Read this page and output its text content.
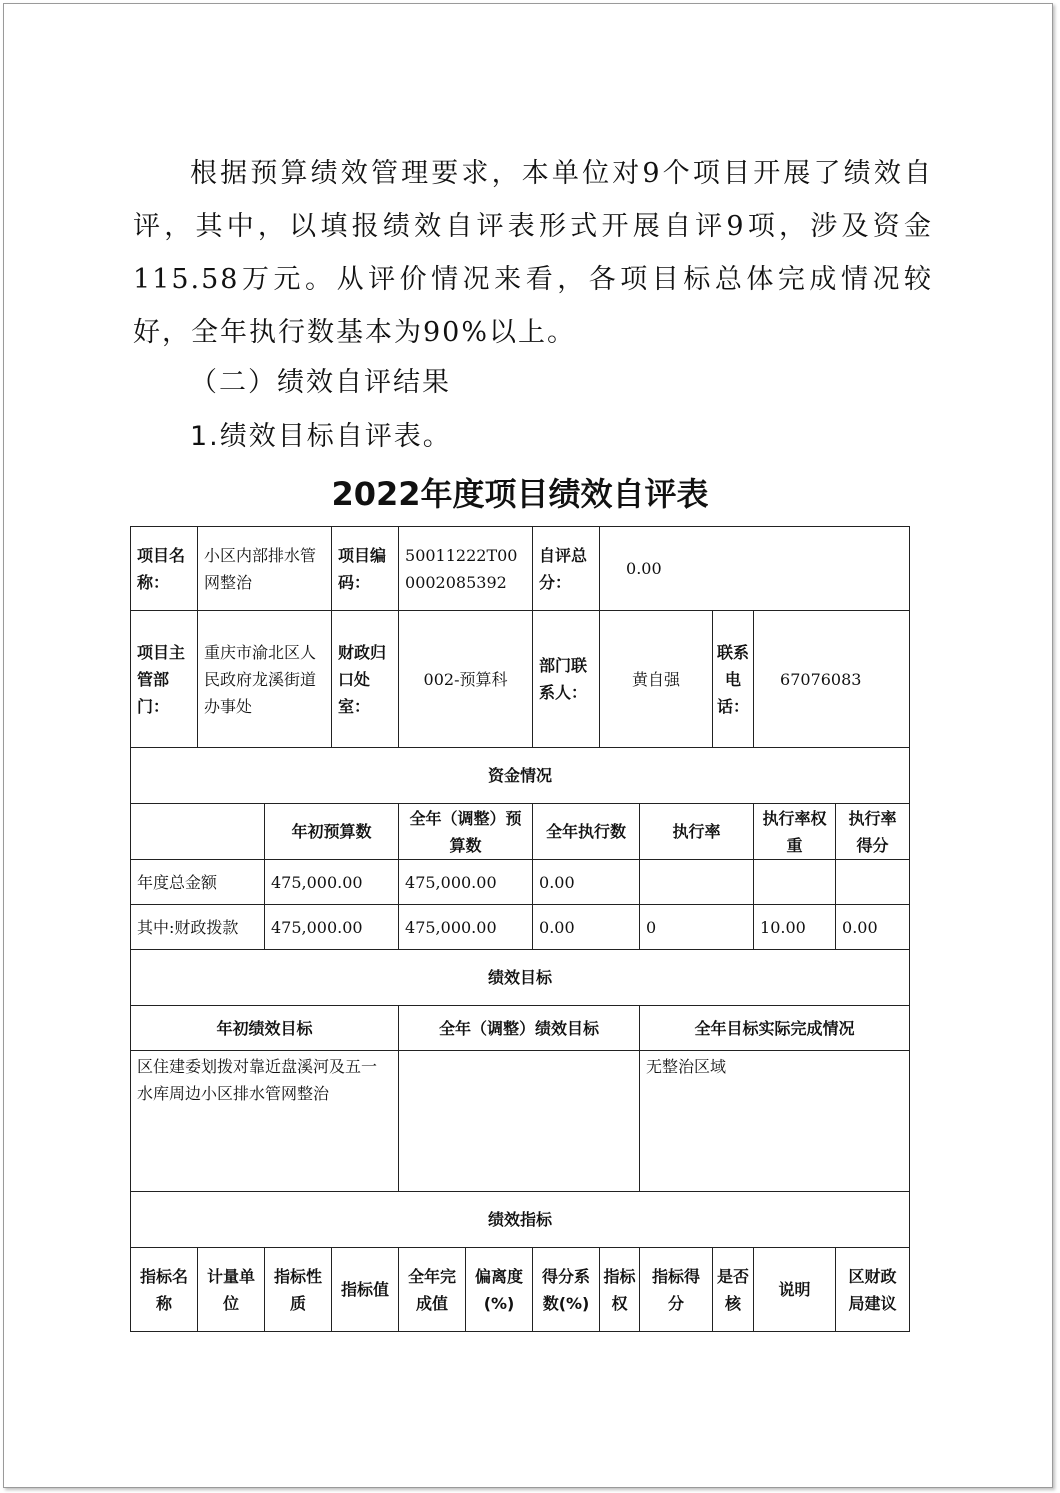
根据预算绩效管理要求，本单位对9个项目开展了绩效自评，其中，以填报绩效自评表形式开展自评9项，涉及资金115.58万元。从评价情况来看，各项目标总体完成情况较好，全年执行数基本为90%以上。
（二）绩效自评结果
1.绩效目标自评表。
2022年度项目绩效自评表
项目名称：	小区内部排水管网整治		项目编码：	50011222T000002085392		自评总分：	0.00				
项目主管部门：	重庆市渝北区人民政府龙溪街道办事处		财政归口处室：	002-预算科		部门联系人：	黄自强		联系电话：	67076083	
资金情况											
		年初预算数		全年（调整）预算数		全年执行数		执行率		执行率权重	执行率得分
年度总金额		475,000.00		475,000.00		0.00					
其中:财政拨款		475,000.00		475,000.00		0.00		0		10.00	0.00
绩效目标											
年初绩效目标				全年（调整）绩效目标				全年目标实际完成情况			
区住建委划拨对靠近盘溪河及五一水库周边小区排水管网整治								无整治区域			
绩效指标											
指标名称	计量单位	指标性质	指标值	全年完成值	偏离度(%)	得分系数(%)	指标权	指标得分	是否核	说明	区财政局建议
